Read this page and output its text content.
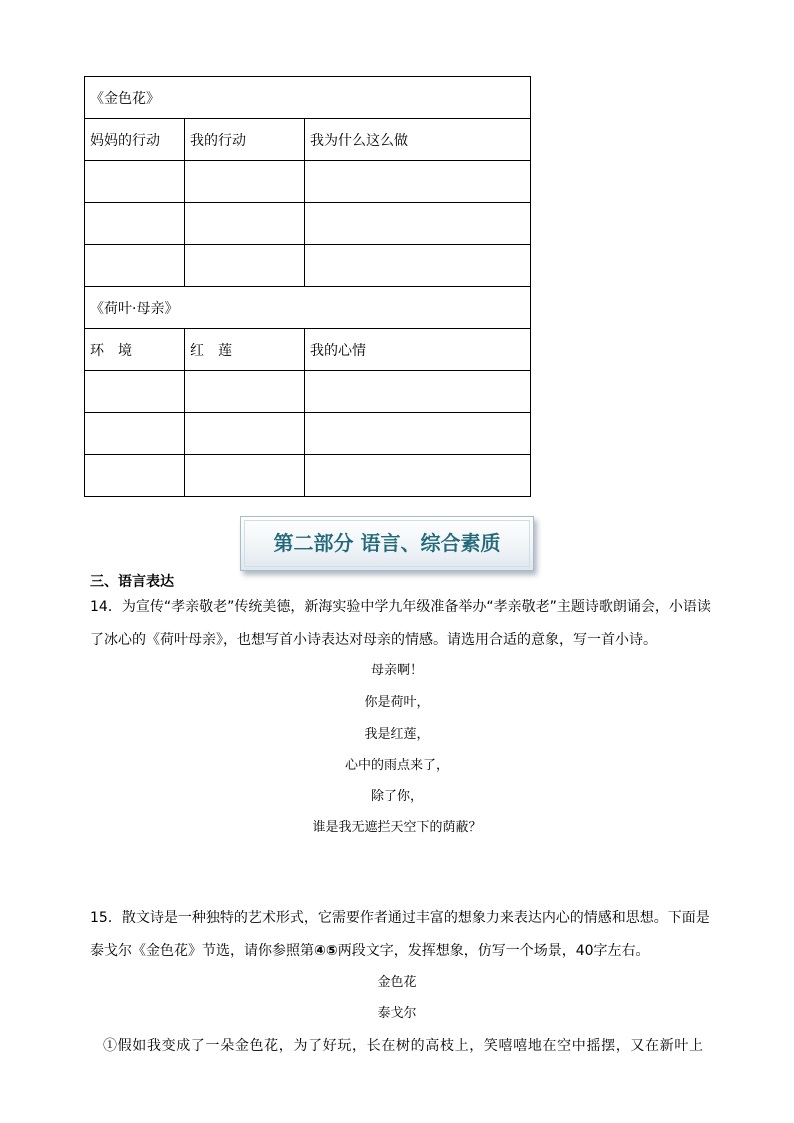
《金色花》		
妈妈的行动	我的行动	我为什么这么做

《荷叶·母亲》		
环　境	红　莲	我的心情

第二部分 语言、综合素质
三、语言表达
14．为宣传“孝亲敬老”传统美德，新海实验中学九年级准备举办“孝亲敬老”主题诗歌朗诵会，小语读
了冰心的《荷叶母亲》，也想写首小诗表达对母亲的情感。请选用合适的意象，写一首小诗。
母亲啊！
你是荷叶，
我是红莲，
心中的雨点来了，
除了你，
谁是我无遮拦天空下的荫蔽？
15．散文诗是一种独特的艺术形式，它需要作者通过丰富的想象力来表达内心的情感和思想。下面是
泰戈尔《金色花》节选，请你参照第④⑤两段文字，发挥想象，仿写一个场景，40字左右。
金色花
泰戈尔
①假如我变成了一朵金色花，为了好玩，长在树的高枝上，笑嘻嘻地在空中摇摆，又在新叶上
